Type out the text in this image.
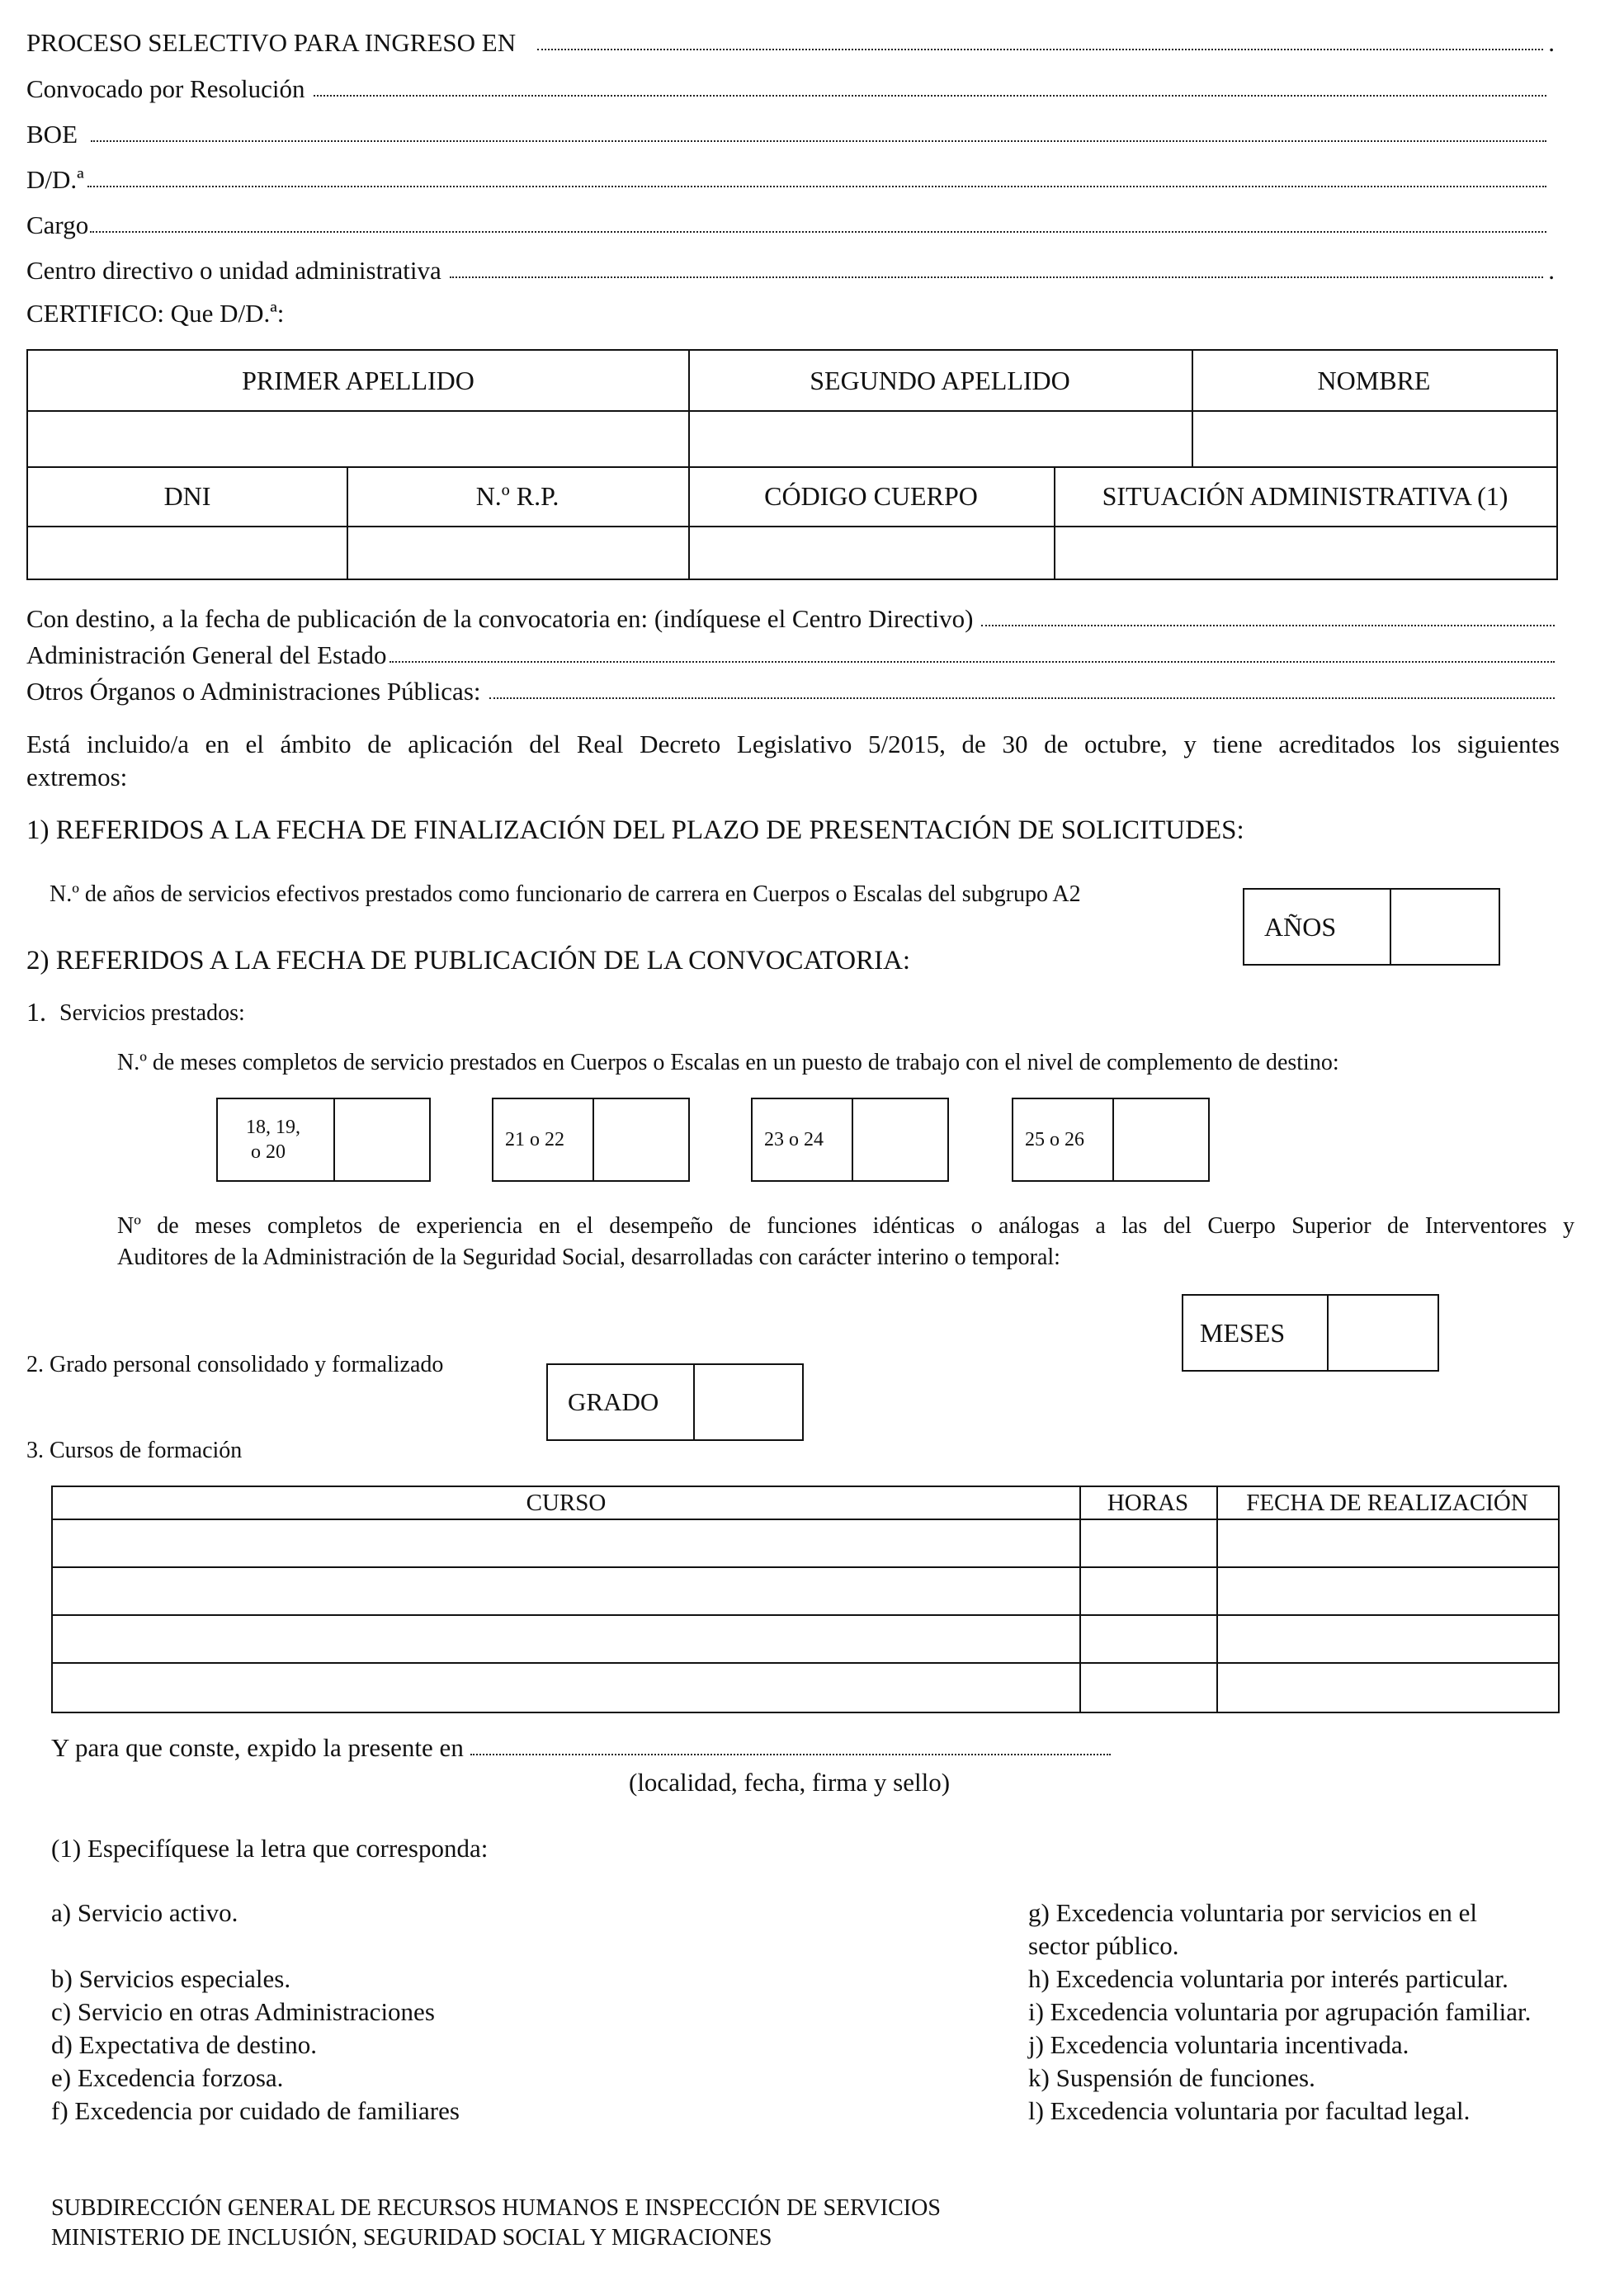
PROCESO SELECTIVO PARA INGRESO EN	.
Convocado por Resolución
BOE
D/D.ª
Cargo
Centro directivo o unidad administrativa	.
CERTIFICO: Que D/D.ª:
PRIMER APELLIDO	SEGUNDO APELLIDO	NOMBRE
DNI	N.º R.P.	CÓDIGO CUERPO	SITUACIÓN ADMINISTRATIVA (1)
Con destino, a la fecha de publicación de la convocatoria en: (indíquese el Centro Directivo)
Administración General del Estado
Otros Órganos o Administraciones Públicas:
Está incluido/a en el ámbito de aplicación del Real Decreto Legislativo 5/2015, de 30 de octubre, y tiene acreditados los siguientes
extremos:
1) REFERIDOS A LA FECHA DE FINALIZACIÓN DEL PLAZO DE PRESENTACIÓN DE SOLICITUDES:
N.º de años de servicios efectivos prestados como funcionario de carrera en Cuerpos o Escalas del subgrupo A2
AÑOS
2) REFERIDOS A LA FECHA DE PUBLICACIÓN DE LA CONVOCATORIA:
1. Servicios prestados:
N.º de meses completos de servicio prestados en Cuerpos o Escalas en un puesto de trabajo con el nivel de complemento de destino:
18, 19,
o 20
21 o 22	23 o 24	25 o 26
Nº de meses completos de experiencia en el desempeño de funciones idénticas o análogas a las del Cuerpo Superior de Interventores y
Auditores de la Administración de la Seguridad Social, desarrolladas con carácter interino o temporal:
MESES
2. Grado personal consolidado y formalizado
GRADO
3. Cursos de formación
CURSO	HORAS	FECHA DE REALIZACIÓN
Y para que conste, expido la presente en
(localidad, fecha, firma y sello)
(1) Especifíquese la letra que corresponda:
a) Servicio activo.
b) Servicios especiales.
c) Servicio en otras Administraciones
d) Expectativa de destino.
e) Excedencia forzosa.
f) Excedencia por cuidado de familiares
g) Excedencia voluntaria por servicios en el
sector público.
h) Excedencia voluntaria por interés particular.
i) Excedencia voluntaria por agrupación familiar.
j) Excedencia voluntaria incentivada.
k) Suspensión de funciones.
l) Excedencia voluntaria por facultad legal.
SUBDIRECCIÓN GENERAL DE RECURSOS HUMANOS E INSPECCIÓN DE SERVICIOS
MINISTERIO DE INCLUSIÓN, SEGURIDAD SOCIAL Y MIGRACIONES
